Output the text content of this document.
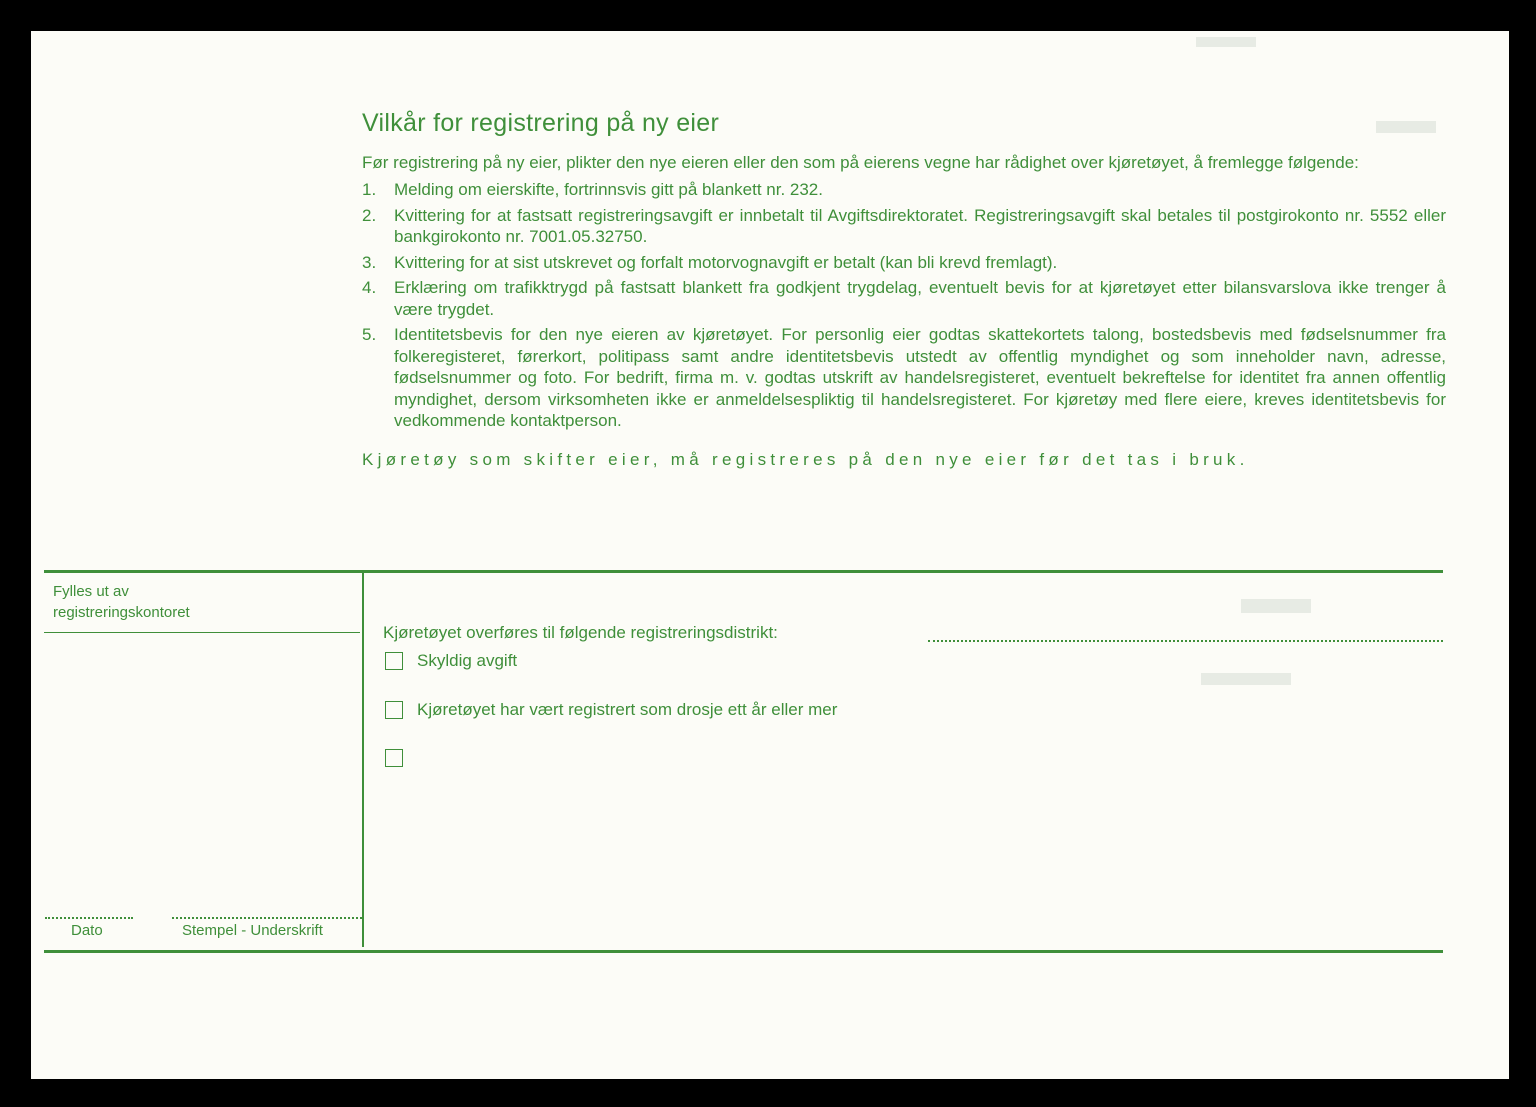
Vilkår for registrering på ny eier

Før registrering på ny eier, plikter den nye eieren eller den som på eierens vegne har rådighet over kjøretøyet, å fremlegge følgende:

1.	Melding om eierskifte, fortrinnsvis gitt på blankett nr. 232.
2.	Kvittering for at fastsatt registreringsavgift er innbetalt til Avgiftsdirektoratet. Registreringsavgift skal betales til postgirokonto nr. 5552 eller bankgirokonto nr. 7001.05.32750.
3.	Kvittering for at sist utskrevet og forfalt motorvognavgift er betalt (kan bli krevd fremlagt).
4.	Erklæring om trafikktrygd på fastsatt blankett fra godkjent trygdelag, eventuelt bevis for at kjøretøyet etter bilansvarslova ikke trenger å være trygdet.
5.	Identitetsbevis for den nye eieren av kjøretøyet. For personlig eier godtas skattekortets talong, bostedsbevis med fødselsnummer fra folkeregisteret, førerkort, politipass samt andre identitetsbevis utstedt av offentlig myndighet og som inneholder navn, adresse, fødselsnummer og foto. For bedrift, firma m. v. godtas utskrift av handelsregisteret, eventuelt bekreftelse for identitet fra annen offentlig myndighet, dersom virksomheten ikke er anmeldelsespliktig til handelsregisteret. For kjøretøy med flere eiere, kreves identitetsbevis for vedkommende kontaktperson.

Kjøretøy som skifter eier, må registreres på den nye eier før det tas i bruk.

Fylles ut av
registreringskontoret
Dato	Stempel - Underskrift
Kjøretøyet overføres til følgende registreringsdistrikt:
Skyldig avgift
Kjøretøyet har vært registrert som drosje ett år eller mer
